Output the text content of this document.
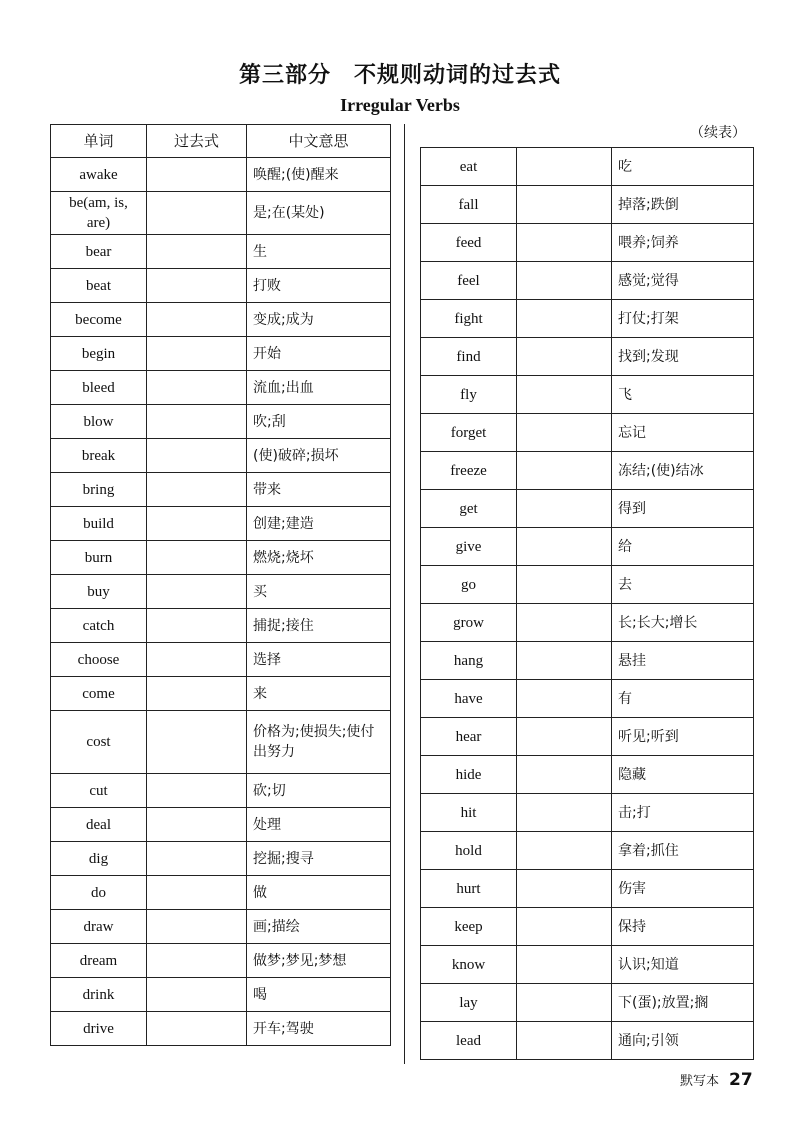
第三部分　不规则动词的过去式
Irregular Verbs
（续表）
单词	过去式	中文意思
awake		唤醒;(使)醒来
be(am, is, are)		是;在(某处)
bear		生
beat		打败
become		变成;成为
begin		开始
bleed		流血;出血
blow		吹;刮
break		(使)破碎;损坏
bring		带来
build		创建;建造
burn		燃烧;烧坏
buy		买
catch		捕捉;接住
choose		选择
come		来
cost		价格为;使损失;使付出努力
cut		砍;切
deal		处理
dig		挖掘;搜寻
do		做
draw		画;描绘
dream		做梦;梦见;梦想
drink		喝
drive		开车;驾驶
eat		吃
fall		掉落;跌倒
feed		喂养;饲养
feel		感觉;觉得
fight		打仗;打架
find		找到;发现
fly		飞
forget		忘记
freeze		冻结;(使)结冰
get		得到
give		给
go		去
grow		长;长大;增长
hang		悬挂
have		有
hear		听见;听到
hide		隐藏
hit		击;打
hold		拿着;抓住
hurt		伤害
keep		保持
know		认识;知道
lay		下(蛋);放置;搁
lead		通向;引领
默写本 27
